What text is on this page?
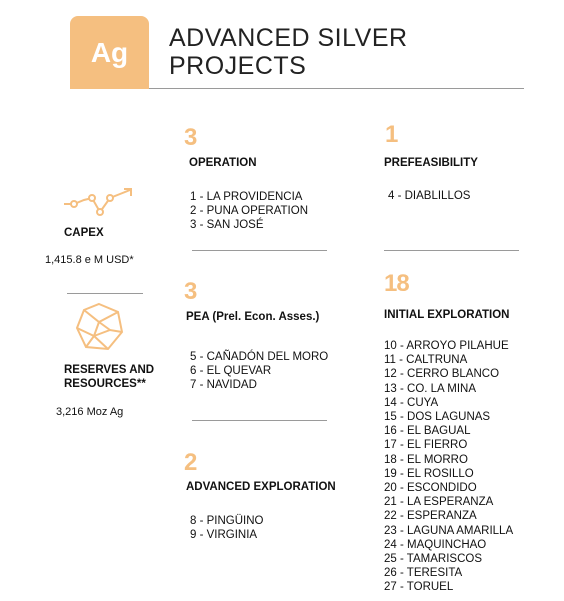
Ag	ADVANCED SILVER
PROJECTS
CAPEX
1,415.8 e M USD*
RESERVES AND
RESOURCES**
3,216 Moz Ag
3
OPERATION
1 - LA PROVIDENCIA
2 - PUNA OPERATION
3 - SAN JOSÉ
3
PEA (Prel. Econ. Asses.)
5 - CAÑADÓN DEL MORO
6 - EL QUEVAR
7 - NAVIDAD
2
ADVANCED EXPLORATION
8 - PINGÜINO
9 - VIRGINIA
1
PREFEASIBILITY
4 - DIABLILLOS
18
INITIAL EXPLORATION
10 - ARROYO PILAHUE
11 - CALTRUNA
12 - CERRO BLANCO
13 - CO. LA MINA
14 - CUYA
15 - DOS LAGUNAS
16 - EL BAGUAL
17 - EL FIERRO
18 - EL MORRO
19 - EL ROSILLO
20 - ESCONDIDO
21 - LA ESPERANZA
22 - ESPERANZA
23 - LAGUNA AMARILLA
24 - MAQUINCHAO
25 - TAMARISCOS
26 - TERESITA
27 - TORUEL
